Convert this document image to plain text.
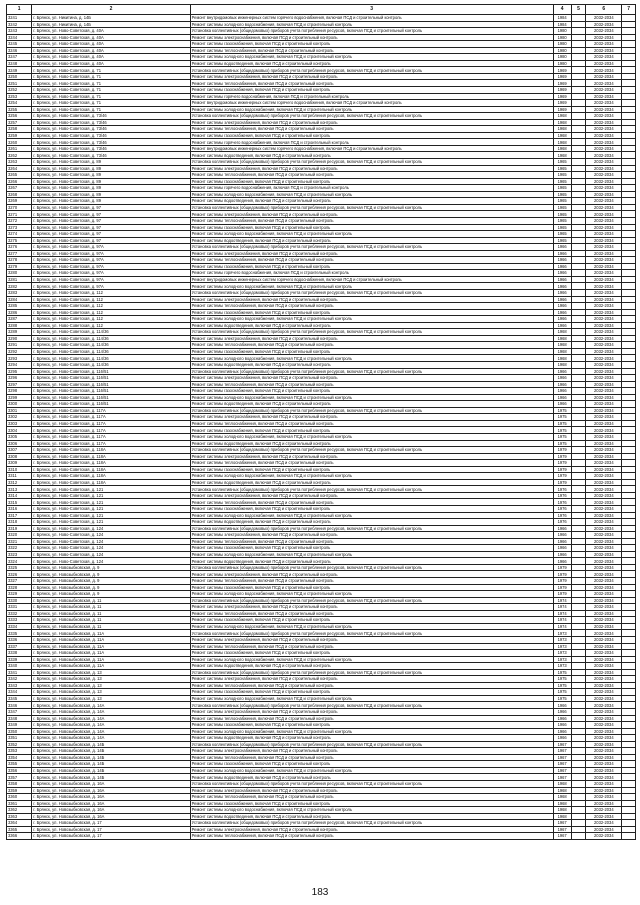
1	2	3	4	5	6	7
3241	г. Брянск, ул. Никитина, д. 14Б	Ремонт внутридомовых инженерных систем горячего водоснабжения, включая ПСД и строительный контроль	1984		2032-2034	
3242	г. Брянск, ул. Никитина, д. 14Б	Ремонт системы холодного водоснабжения, включая ПСД и строительный контроль	1984		2032-2034	
3243	г. Брянск, ул. Ново-Советская, д. 40А	Установка коллективных (общедомовых) приборов учета потребления ресурсов, включая ПСД и строительный контроль	1980		2032-2034	
3244	г. Брянск, ул. Ново-Советская, д. 40А	Ремонт системы электроснабжения, включая ПСД и строительный контроль	1980		2032-2034	
3245	г. Брянск, ул. Ново-Советская, д. 40А	Ремонт системы газоснабжения, включая ПСД и строительный контроль	1980		2032-2034	
3246	г. Брянск, ул. Ново-Советская, д. 40А	Ремонт системы теплоснабжения, включая ПСД и строительный контроль	1980		2032-2034	
3247	г. Брянск, ул. Ново-Советская, д. 40А	Ремонт системы холодного водоснабжения, включая ПСД и строительный контроль	1980		2032-2034	
3248	г. Брянск, ул. Ново-Советская, д. 40А	Ремонт системы водоотведения, включая ПСД и строительный контроль	1980		2032-2034	
3249	г. Брянск, ул. Ново-Советская, д. 71	Установка коллективных (общедомовых) приборов учета потребления ресурсов, включая ПСД и строительный контроль	1969		2032-2034	
3250	г. Брянск, ул. Ново-Советская, д. 71	Ремонт системы электроснабжения, включая ПСД и строительный контроль	1969		2032-2034	
3251	г. Брянск, ул. Ново-Советская, д. 71	Ремонт системы теплоснабжения, включая ПСД и строительный контроль	1969		2032-2034	
3252	г. Брянск, ул. Ново-Советская, д. 71	Ремонт системы газоснабжения, включая ПСД и строительный контроль	1969		2032-2034	
3253	г. Брянск, ул. Ново-Советская, д. 71	Ремонт системы горячего водоснабжения, включая ПСД и строительный контроль	1969		2032-2034	
3254	г. Брянск, ул. Ново-Советская, д. 71	Ремонт внутридомовых инженерных систем горячего водоснабжения, включая ПСД и строительный контроль	1969		2032-2034	
3255	г. Брянск, ул. Ново-Советская, д. 71	Ремонт системы холодного водоснабжения, включая ПСД и строительный контроль	1969		2032-2034	
3256	г. Брянск, ул. Ново-Советская, д. 73/46	Установка коллективных (общедомовых) приборов учета потребления ресурсов, включая ПСД и строительный контроль	1968		2032-2034	
3257	г. Брянск, ул. Ново-Советская, д. 73/46	Ремонт системы электроснабжения, включая ПСД и строительный контроль	1968		2032-2034	
3258	г. Брянск, ул. Ново-Советская, д. 73/46	Ремонт системы теплоснабжения, включая ПСД и строительный контроль	1968		2032-2034	
3259	г. Брянск, ул. Ново-Советская, д. 73/46	Ремонт системы газоснабжения, включая ПСД и строительный контроль	1968		2032-2034	
3260	г. Брянск, ул. Ново-Советская, д. 73/46	Ремонт системы горячего водоснабжения, включая ПСД и строительный контроль	1968		2032-2034	
3261	г. Брянск, ул. Ново-Советская, д. 73/46	Ремонт внутридомовых инженерных систем горячего водоснабжения, включая ПСД и строительный контроль	1968		2032-2034	
3262	г. Брянск, ул. Ново-Советская, д. 73/46	Ремонт системы водоотведения, включая ПСД и строительный контроль	1968		2032-2034	
3263	г. Брянск, ул. Ново-Советская, д. 89	Установка коллективных (общедомовых) приборов учета потребления ресурсов, включая ПСД и строительный контроль	1965		2032-2034	
3264	г. Брянск, ул. Ново-Советская, д. 89	Ремонт системы электроснабжения, включая ПСД и строительный контроль	1965		2032-2034	
3265	г. Брянск, ул. Ново-Советская, д. 89	Ремонт системы теплоснабжения, включая ПСД и строительный контроль	1965		2032-2034	
3266	г. Брянск, ул. Ново-Советская, д. 89	Ремонт системы газоснабжения, включая ПСД и строительный контроль	1965		2032-2034	
3267	г. Брянск, ул. Ново-Советская, д. 89	Ремонт системы горячего водоснабжения, включая ПСД и строительный контроль	1965		2032-2034	
3268	г. Брянск, ул. Ново-Советская, д. 89	Ремонт системы холодного водоснабжения, включая ПСД и строительный контроль	1965		2032-2034	
3269	г. Брянск, ул. Ново-Советская, д. 89	Ремонт системы водоотведения, включая ПСД и строительный контроль	1965		2032-2034	
3270	г. Брянск, ул. Ново-Советская, д. 97	Установка коллективных (общедомовых) приборов учета потребления ресурсов, включая ПСД и строительный контроль	1965		2032-2034	
3271	г. Брянск, ул. Ново-Советская, д. 97	Ремонт системы электроснабжения, включая ПСД и строительный контроль	1965		2032-2034	
3272	г. Брянск, ул. Ново-Советская, д. 97	Ремонт системы теплоснабжения, включая ПСД и строительный контроль	1965		2032-2034	
3273	г. Брянск, ул. Ново-Советская, д. 97	Ремонт системы газоснабжения, включая ПСД и строительный контроль	1965		2032-2034	
3274	г. Брянск, ул. Ново-Советская, д. 97	Ремонт системы холодного водоснабжения, включая ПСД и строительный контроль	1965		2032-2034	
3275	г. Брянск, ул. Ново-Советская, д. 97	Ремонт системы водоотведения, включая ПСД и строительный контроль	1965		2032-2034	
3276	г. Брянск, ул. Ново-Советская, д. 97А	Установка коллективных (общедомовых) приборов учета потребления ресурсов, включая ПСД и строительный контроль	1966		2032-2034	
3277	г. Брянск, ул. Ново-Советская, д. 97А	Ремонт системы электроснабжения, включая ПСД и строительный контроль	1966		2032-2034	
3278	г. Брянск, ул. Ново-Советская, д. 97А	Ремонт системы теплоснабжения, включая ПСД и строительный контроль	1966		2032-2034	
3279	г. Брянск, ул. Ново-Советская, д. 97А	Ремонт системы газоснабжения, включая ПСД и строительный контроль	1966		2032-2034	
3280	г. Брянск, ул. Ново-Советская, д. 97А	Ремонт системы горячего водоснабжения, включая ПСД и строительный контроль	1966		2032-2034	
3281	г. Брянск, ул. Ново-Советская, д. 97А	Ремонт внутридомовых инженерных систем горячего водоснабжения, включая ПСД и строительный контроль	1966		2032-2034	
3282	г. Брянск, ул. Ново-Советская, д. 97А	Ремонт системы холодного водоснабжения, включая ПСД и строительный контроль	1966		2032-2034	
3283	г. Брянск, ул. Ново-Советская, д. 112	Установка коллективных (общедомовых) приборов учета потребления ресурсов, включая ПСД и строительный контроль	1966		2032-2034	
3284	г. Брянск, ул. Ново-Советская, д. 112	Ремонт системы электроснабжения, включая ПСД и строительный контроль	1966		2032-2034	
3285	г. Брянск, ул. Ново-Советская, д. 112	Ремонт системы теплоснабжения, включая ПСД и строительный контроль	1966		2032-2034	
3286	г. Брянск, ул. Ново-Советская, д. 112	Ремонт системы газоснабжения, включая ПСД и строительный контроль	1966		2032-2034	
3287	г. Брянск, ул. Ново-Советская, д. 112	Ремонт системы холодного водоснабжения, включая ПСД и строительный контроль	1966		2032-2034	
3288	г. Брянск, ул. Ново-Советская, д. 112	Ремонт системы водоотведения, включая ПСД и строительный контроль	1966		2032-2034	
3289	г. Брянск, ул. Ново-Советская, д. 114/36	Установка коллективных (общедомовых) приборов учета потребления ресурсов, включая ПСД и строительный контроль	1968		2032-2034	
3290	г. Брянск, ул. Ново-Советская, д. 114/36	Ремонт системы электроснабжения, включая ПСД и строительный контроль	1968		2032-2034	
3291	г. Брянск, ул. Ново-Советская, д. 114/36	Ремонт системы теплоснабжения, включая ПСД и строительный контроль	1968		2032-2034	
3292	г. Брянск, ул. Ново-Советская, д. 114/36	Ремонт системы газоснабжения, включая ПСД и строительный контроль	1968		2032-2034	
3293	г. Брянск, ул. Ново-Советская, д. 114/36	Ремонт системы холодного водоснабжения, включая ПСД и строительный контроль	1968		2032-2034	
3294	г. Брянск, ул. Ново-Советская, д. 114/36	Ремонт системы водоотведения, включая ПСД и строительный контроль	1968		2032-2034	
3295	г. Брянск, ул. Ново-Советская, д. 116/51	Установка коллективных (общедомовых) приборов учета потребления ресурсов, включая ПСД и строительный контроль	1966		2032-2034	
3296	г. Брянск, ул. Ново-Советская, д. 116/51	Ремонт системы электроснабжения, включая ПСД и строительный контроль	1966		2032-2034	
3297	г. Брянск, ул. Ново-Советская, д. 116/51	Ремонт системы теплоснабжения, включая ПСД и строительный контроль	1966		2032-2034	
3298	г. Брянск, ул. Ново-Советская, д. 116/51	Ремонт системы газоснабжения, включая ПСД и строительный контроль	1966		2032-2034	
3299	г. Брянск, ул. Ново-Советская, д. 116/51	Ремонт системы холодного водоснабжения, включая ПСД и строительный контроль	1966		2032-2034	
3300	г. Брянск, ул. Ново-Советская, д. 116/51	Ремонт системы водоотведения, включая ПСД и строительный контроль	1966		2032-2034	
3301	г. Брянск, ул. Ново-Советская, д. 117А	Установка коллективных (общедомовых) приборов учета потребления ресурсов, включая ПСД и строительный контроль	1975		2032-2034	
3302	г. Брянск, ул. Ново-Советская, д. 117А	Ремонт системы электроснабжения, включая ПСД и строительный контроль	1975		2032-2034	
3303	г. Брянск, ул. Ново-Советская, д. 117А	Ремонт системы теплоснабжения, включая ПСД и строительный контроль	1975		2032-2034	
3304	г. Брянск, ул. Ново-Советская, д. 117А	Ремонт системы газоснабжения, включая ПСД и строительный контроль	1975		2032-2034	
3305	г. Брянск, ул. Ново-Советская, д. 117А	Ремонт системы холодного водоснабжения, включая ПСД и строительный контроль	1975		2032-2034	
3306	г. Брянск, ул. Ново-Советская, д. 117А	Ремонт системы водоотведения, включая ПСД и строительный контроль	1975		2032-2034	
3307	г. Брянск, ул. Ново-Советская, д. 118А	Установка коллективных (общедомовых) приборов учета потребления ресурсов, включая ПСД и строительный контроль	1979		2032-2034	
3308	г. Брянск, ул. Ново-Советская, д. 118А	Ремонт системы электроснабжения, включая ПСД и строительный контроль	1979		2032-2034	
3309	г. Брянск, ул. Ново-Советская, д. 118А	Ремонт системы теплоснабжения, включая ПСД и строительный контроль	1979		2032-2034	
3310	г. Брянск, ул. Ново-Советская, д. 118А	Ремонт системы газоснабжения, включая ПСД и строительный контроль	1979		2032-2034	
3311	г. Брянск, ул. Ново-Советская, д. 118А	Ремонт системы холодного водоснабжения, включая ПСД и строительный контроль	1979		2032-2034	
3312	г. Брянск, ул. Ново-Советская, д. 118А	Ремонт системы водоотведения, включая ПСД и строительный контроль	1979		2032-2034	
3313	г. Брянск, ул. Ново-Советская, д. 121	Установка коллективных (общедомовых) приборов учета потребления ресурсов, включая ПСД и строительный контроль	1976		2032-2034	
3314	г. Брянск, ул. Ново-Советская, д. 121	Ремонт системы электроснабжения, включая ПСД и строительный контроль	1976		2032-2034	
3315	г. Брянск, ул. Ново-Советская, д. 121	Ремонт системы теплоснабжения, включая ПСД и строительный контроль	1976		2032-2034	
3316	г. Брянск, ул. Ново-Советская, д. 121	Ремонт системы газоснабжения, включая ПСД и строительный контроль	1976		2032-2034	
3317	г. Брянск, ул. Ново-Советская, д. 121	Ремонт системы холодного водоснабжения, включая ПСД и строительный контроль	1976		2032-2034	
3318	г. Брянск, ул. Ново-Советская, д. 121	Ремонт системы водоотведения, включая ПСД и строительный контроль	1976		2032-2034	
3319	г. Брянск, ул. Ново-Советская, д. 124	Установка коллективных (общедомовых) приборов учета потребления ресурсов, включая ПСД и строительный контроль	1966		2032-2034	
3320	г. Брянск, ул. Ново-Советская, д. 124	Ремонт системы электроснабжения, включая ПСД и строительный контроль	1966		2032-2034	
3321	г. Брянск, ул. Ново-Советская, д. 124	Ремонт системы теплоснабжения, включая ПСД и строительный контроль	1966		2032-2034	
3322	г. Брянск, ул. Ново-Советская, д. 124	Ремонт системы газоснабжения, включая ПСД и строительный контроль	1966		2032-2034	
3323	г. Брянск, ул. Ново-Советская, д. 124	Ремонт системы холодного водоснабжения, включая ПСД и строительный контроль	1966		2032-2034	
3324	г. Брянск, ул. Ново-Советская, д. 124	Ремонт системы водоотведения, включая ПСД и строительный контроль	1966		2032-2034	
3325	г. Брянск, ул. Новозыбковская, д. 9	Установка коллективных (общедомовых) приборов учета потребления ресурсов, включая ПСД и строительный контроль	1979		2032-2034	
3326	г. Брянск, ул. Новозыбковская, д. 9	Ремонт системы электроснабжения, включая ПСД и строительный контроль	1979		2032-2034	
3327	г. Брянск, ул. Новозыбковская, д. 9	Ремонт системы теплоснабжения, включая ПСД и строительный контроль	1979		2032-2034	
3328	г. Брянск, ул. Новозыбковская, д. 9	Ремонт системы газоснабжения, включая ПСД и строительный контроль	1979		2032-2034	
3329	г. Брянск, ул. Новозыбковская, д. 9	Ремонт системы холодного водоснабжения, включая ПСД и строительный контроль	1979		2032-2034	
3330	г. Брянск, ул. Новозыбковская, д. 11	Установка коллективных (общедомовых) приборов учета потребления ресурсов, включая ПСД и строительный контроль	1974		2032-2034	
3331	г. Брянск, ул. Новозыбковская, д. 11	Ремонт системы электроснабжения, включая ПСД и строительный контроль	1974		2032-2034	
3332	г. Брянск, ул. Новозыбковская, д. 11	Ремонт системы теплоснабжения, включая ПСД и строительный контроль	1974		2032-2034	
3333	г. Брянск, ул. Новозыбковская, д. 11	Ремонт системы газоснабжения, включая ПСД и строительный контроль	1974		2032-2034	
3334	г. Брянск, ул. Новозыбковская, д. 11	Ремонт системы холодного водоснабжения, включая ПСД и строительный контроль	1974		2032-2034	
3335	г. Брянск, ул. Новозыбковская, д. 11А	Установка коллективных (общедомовых) приборов учета потребления ресурсов, включая ПСД и строительный контроль	1973		2032-2034	
3336	г. Брянск, ул. Новозыбковская, д. 11А	Ремонт системы электроснабжения, включая ПСД и строительный контроль	1973		2032-2034	
3337	г. Брянск, ул. Новозыбковская, д. 11А	Ремонт системы теплоснабжения, включая ПСД и строительный контроль	1973		2032-2034	
3338	г. Брянск, ул. Новозыбковская, д. 11А	Ремонт системы газоснабжения, включая ПСД и строительный контроль	1973		2032-2034	
3339	г. Брянск, ул. Новозыбковская, д. 11А	Ремонт системы холодного водоснабжения, включая ПСД и строительный контроль	1973		2032-2034	
3340	г. Брянск, ул. Новозыбковская, д. 11А	Ремонт системы водоотведения, включая ПСД и строительный контроль	1973		2032-2034	
3341	г. Брянск, ул. Новозыбковская, д. 13	Установка коллективных (общедомовых) приборов учета потребления ресурсов, включая ПСД и строительный контроль	1975		2032-2034	
3342	г. Брянск, ул. Новозыбковская, д. 13	Ремонт системы электроснабжения, включая ПСД и строительный контроль	1975		2032-2034	
3343	г. Брянск, ул. Новозыбковская, д. 13	Ремонт системы теплоснабжения, включая ПСД и строительный контроль	1975		2032-2034	
3344	г. Брянск, ул. Новозыбковская, д. 13	Ремонт системы газоснабжения, включая ПСД и строительный контроль	1975		2032-2034	
3345	г. Брянск, ул. Новозыбковская, д. 13	Ремонт системы холодного водоснабжения, включая ПСД и строительный контроль	1975		2032-2034	
3346	г. Брянск, ул. Новозыбковская, д. 14А	Установка коллективных (общедомовых) приборов учета потребления ресурсов, включая ПСД и строительный контроль	1966		2032-2034	
3347	г. Брянск, ул. Новозыбковская, д. 14А	Ремонт системы электроснабжения, включая ПСД и строительный контроль	1966		2032-2034	
3348	г. Брянск, ул. Новозыбковская, д. 14А	Ремонт системы теплоснабжения, включая ПСД и строительный контроль	1966		2032-2034	
3349	г. Брянск, ул. Новозыбковская, д. 14А	Ремонт системы газоснабжения, включая ПСД и строительный контроль	1966		2032-2034	
3350	г. Брянск, ул. Новозыбковская, д. 14А	Ремонт системы холодного водоснабжения, включая ПСД и строительный контроль	1966		2032-2034	
3351	г. Брянск, ул. Новозыбковская, д. 14А	Ремонт системы водоотведения, включая ПСД и строительный контроль	1966		2032-2034	
3352	г. Брянск, ул. Новозыбковская, д. 14Б	Установка коллективных (общедомовых) приборов учета потребления ресурсов, включая ПСД и строительный контроль	1967		2032-2034	
3353	г. Брянск, ул. Новозыбковская, д. 14Б	Ремонт системы электроснабжения, включая ПСД и строительный контроль	1967		2032-2034	
3354	г. Брянск, ул. Новозыбковская, д. 14Б	Ремонт системы теплоснабжения, включая ПСД и строительный контроль	1967		2032-2034	
3355	г. Брянск, ул. Новозыбковская, д. 14Б	Ремонт системы газоснабжения, включая ПСД и строительный контроль	1967		2032-2034	
3356	г. Брянск, ул. Новозыбковская, д. 14Б	Ремонт системы холодного водоснабжения, включая ПСД и строительный контроль	1967		2032-2034	
3357	г. Брянск, ул. Новозыбковская, д. 14Б	Ремонт системы водоотведения, включая ПСД и строительный контроль	1967		2032-2034	
3358	г. Брянск, ул. Новозыбковская, д. 16А	Установка коллективных (общедомовых) приборов учета потребления ресурсов, включая ПСД и строительный контроль	1968		2032-2034	
3359	г. Брянск, ул. Новозыбковская, д. 16А	Ремонт системы электроснабжения, включая ПСД и строительный контроль	1968		2032-2034	
3360	г. Брянск, ул. Новозыбковская, д. 16А	Ремонт системы теплоснабжения, включая ПСД и строительный контроль	1968		2032-2034	
3361	г. Брянск, ул. Новозыбковская, д. 16А	Ремонт системы газоснабжения, включая ПСД и строительный контроль	1968		2032-2034	
3362	г. Брянск, ул. Новозыбковская, д. 16А	Ремонт системы холодного водоснабжения, включая ПСД и строительный контроль	1968		2032-2034	
3363	г. Брянск, ул. Новозыбковская, д. 16А	Ремонт системы водоотведения, включая ПСД и строительный контроль	1968		2032-2034	
3364	г. Брянск, ул. Новозыбковская, д. 17	Установка коллективных (общедомовых) приборов учета потребления ресурсов, включая ПСД и строительный контроль	1967		2032-2034	
3365	г. Брянск, ул. Новозыбковская, д. 17	Ремонт системы электроснабжения, включая ПСД и строительный контроль	1967		2032-2034	
3366	г. Брянск, ул. Новозыбковская, д. 17	Ремонт системы теплоснабжения, включая ПСД и строительный контроль	1967		2032-2034	
183
